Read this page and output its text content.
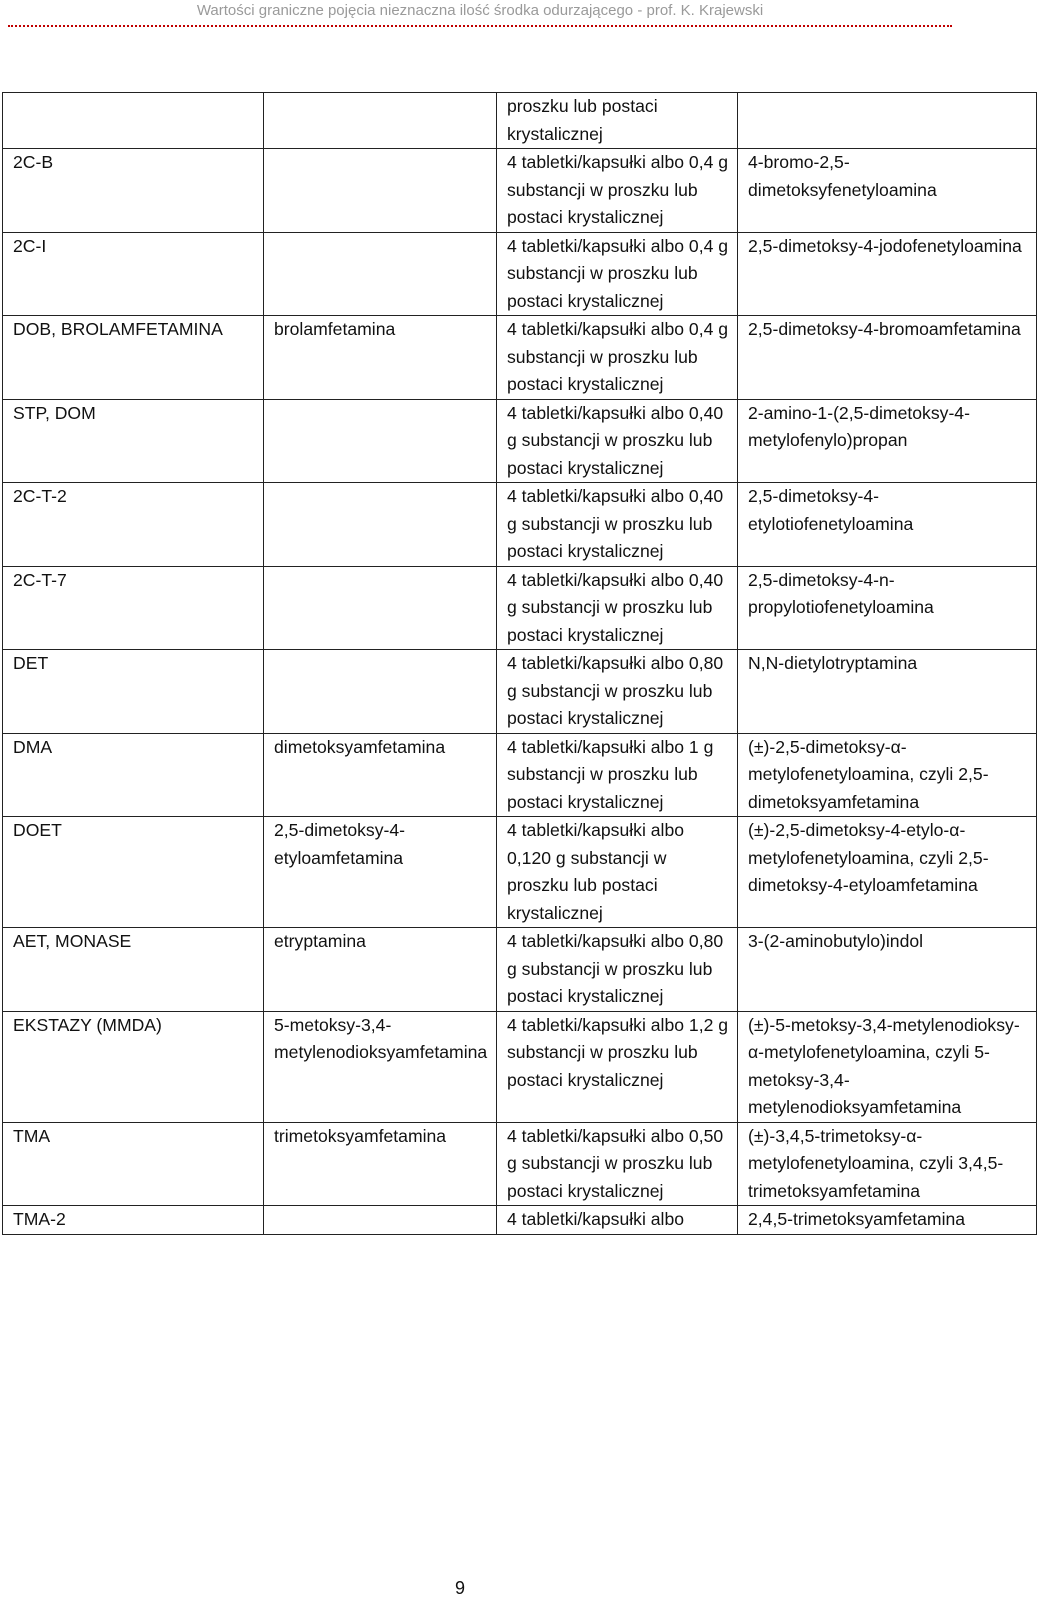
Wartości graniczne pojęcia nieznaczna ilość środka odurzającego - prof. K. Krajewski
		proszku lub postaci krystalicznej	
2C-B		4 tabletki/kapsułki albo 0,4 g substancji w proszku lub postaci krystalicznej	4-bromo-2,5-dimetoksyfenetyloamina
2C-I		4 tabletki/kapsułki albo 0,4 g substancji w proszku lub postaci krystalicznej	2,5-dimetoksy-4-jodofenetyloamina
DOB, BROLAMFETAMINA	brolamfetamina	4 tabletki/kapsułki albo 0,4 g substancji w proszku lub postaci krystalicznej	2,5-dimetoksy-4-bromoamfetamina
STP, DOM		4 tabletki/kapsułki albo 0,40 g substancji w proszku lub postaci krystalicznej	2-amino-1-(2,5-dimetoksy-4-metylofenylo)propan
2C-T-2		4 tabletki/kapsułki albo 0,40 g substancji w proszku lub postaci krystalicznej	2,5-dimetoksy-4-etylotiofenetyloamina
2C-T-7		4 tabletki/kapsułki albo 0,40 g substancji w proszku lub postaci krystalicznej	2,5-dimetoksy-4-n-propylotiofenetyloamina
DET		4 tabletki/kapsułki albo 0,80 g substancji w proszku lub postaci krystalicznej	N,N-dietylotryptamina
DMA	dimetoksyamfetamina	4 tabletki/kapsułki albo 1 g substancji w proszku lub postaci krystalicznej	(±)-2,5-dimetoksy-α-metylofenetyloamina, czyli 2,5-dimetoksyamfetamina
DOET	2,5-dimetoksy-4-etyloamfetamina	4 tabletki/kapsułki albo 0,120 g substancji w proszku lub postaci krystalicznej	(±)-2,5-dimetoksy-4-etylo-α-metylofenetyloamina, czyli 2,5-dimetoksy-4-etyloamfetamina
AET, MONASE	etryptamina	4 tabletki/kapsułki albo 0,80 g substancji w proszku lub postaci krystalicznej	3-(2-aminobutylo)indol
EKSTAZY (MMDA)	5-metoksy-3,4-metylenodioksyamfetamina	4 tabletki/kapsułki albo 1,2 g substancji w proszku lub postaci krystalicznej	(±)-5-metoksy-3,4-metylenodioksy-α-metylofenetyloamina, czyli 5-metoksy-3,4-metylenodioksyamfetamina
TMA	trimetoksyamfetamina	4 tabletki/kapsułki albo 0,50 g substancji w proszku lub postaci krystalicznej	(±)-3,4,5-trimetoksy-α-metylofenetyloamina, czyli 3,4,5-trimetoksyamfetamina
TMA-2		4 tabletki/kapsułki albo	2,4,5-trimetoksyamfetamina
9
